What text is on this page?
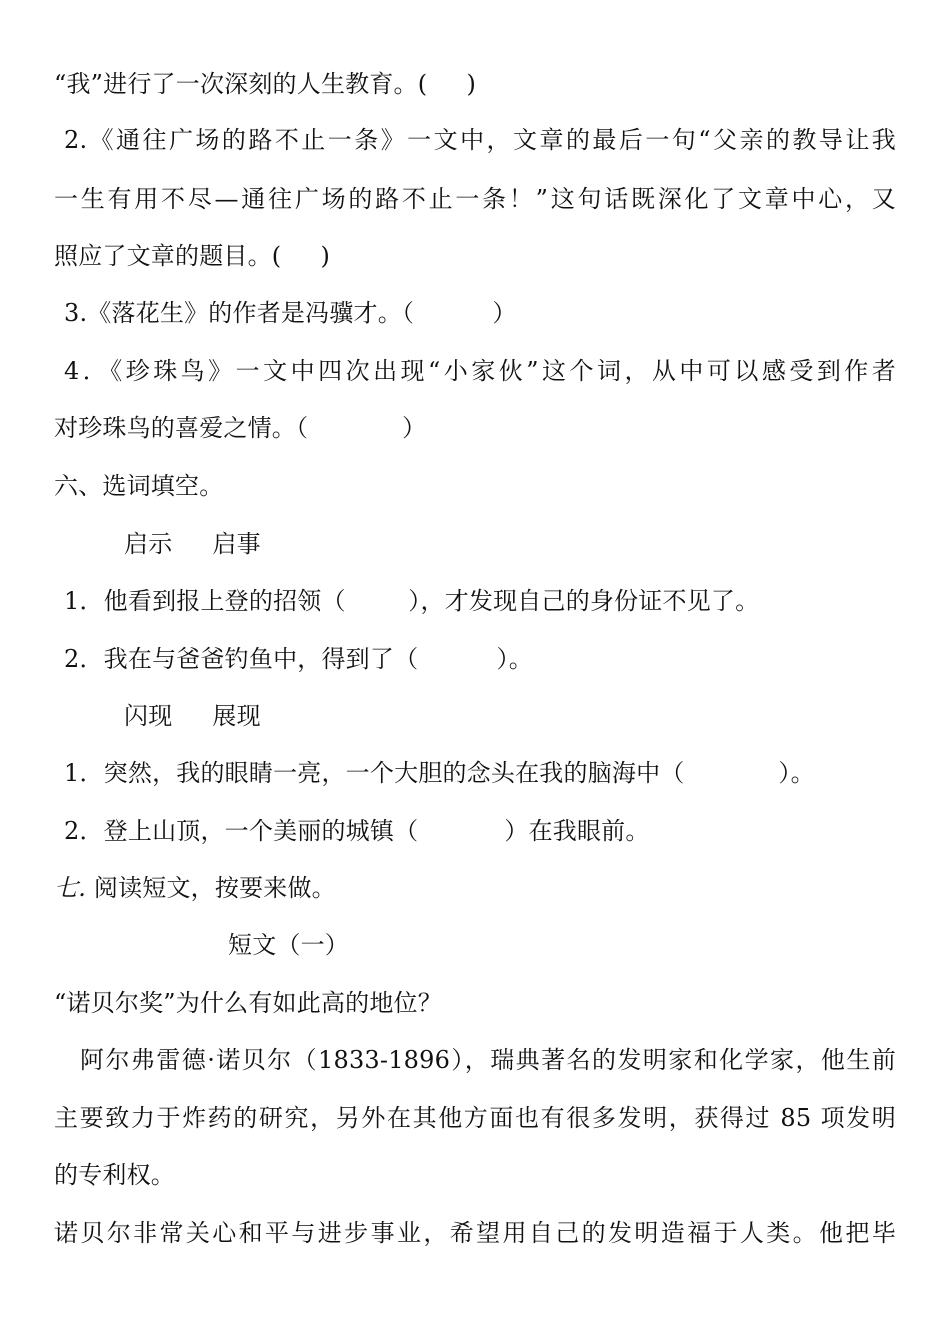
“我”进行了一次深刻的人生教育。(     )
2.《通往广场的路不止一条》一文中，文章的最后一句“父亲的教导让我
一生有用不尽—通往广场的路不止一条！”这句话既深化了文章中心，又
照应了文章的题目。(     )
3.《落花生》的作者是冯骥才。（          ）
4．《珍珠鸟》一文中四次出现“小家伙”这个词，从中可以感受到作者
对珍珠鸟的喜爱之情。（            ）
六、选词填空。
启示 启事
1．他看到报上登的招领（        ），才发现自己的身份证不见了。
2．我在与爸爸钓鱼中，得到了（          ）。
闪现 展现
1．突然，我的眼睛一亮，一个大胆的念头在我的脑海中（            ）。
2．登上山顶，一个美丽的城镇（           ）在我眼前。
七. 阅读短文，按要来做。
短文（一）
“诺贝尔奖”为什么有如此高的地位？
阿尔弗雷德·诺贝尔（1833-1896），瑞典著名的发明家和化学家，他生前
主要致力于炸药的研究，另外在其他方面也有很多发明，获得过 85 项发明
的专利权。
诺贝尔非常关心和平与进步事业，希望用自己的发明造福于人类。他把毕
